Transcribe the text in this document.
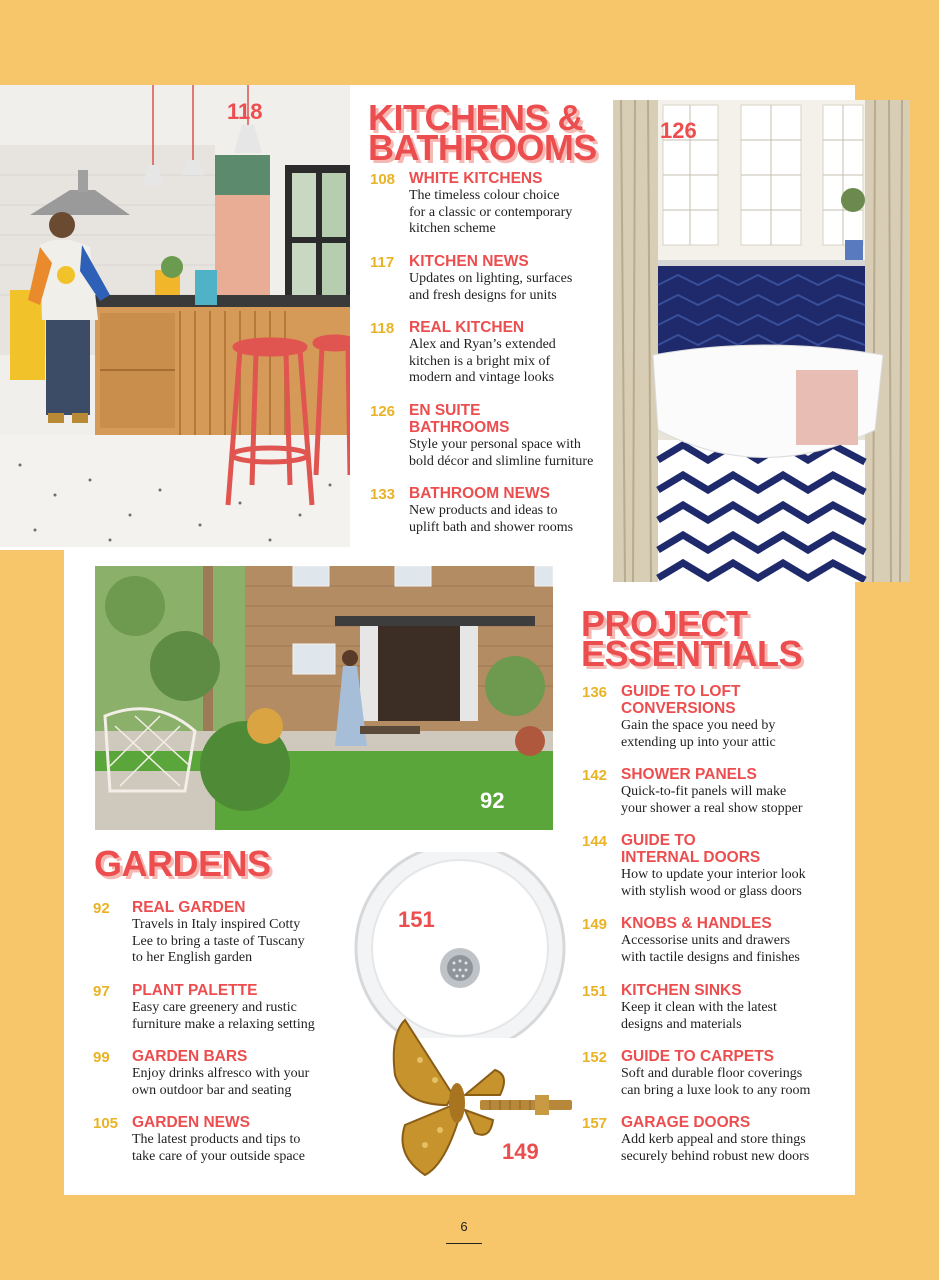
118
126
92
151
149
KITCHENS &
BATHROOMS
108 WHITE KITCHENS
The timeless colour choice
for a classic or contemporary
kitchen scheme
117 KITCHEN NEWS
Updates on lighting, surfaces
and fresh designs for units
118 REAL KITCHEN
Alex and Ryan’s extended
kitchen is a bright mix of
modern and vintage looks
126 EN SUITE
BATHROOMS
Style your personal space with
bold décor and slimline furniture
133 BATHROOM NEWS
New products and ideas to
uplift bath and shower rooms
GARDENS
92 REAL GARDEN
Travels in Italy inspired Cotty
Lee to bring a taste of Tuscany
to her English garden
97 PLANT PALETTE
Easy care greenery and rustic
furniture make a relaxing setting
99 GARDEN BARS
Enjoy drinks alfresco with your
own outdoor bar and seating
105 GARDEN NEWS
The latest products and tips to
take care of your outside space
PROJECT
ESSENTIALS
136 GUIDE TO LOFT
CONVERSIONS
Gain the space you need by
extending up into your attic
142 SHOWER PANELS
Quick-to-fit panels will make
your shower a real show stopper
144 GUIDE TO
INTERNAL DOORS
How to update your interior look
with stylish wood or glass doors
149 KNOBS & HANDLES
Accessorise units and drawers
with tactile designs and finishes
151 KITCHEN SINKS
Keep it clean with the latest
designs and materials
152 GUIDE TO CARPETS
Soft and durable floor coverings
can bring a luxe look to any room
157 GARAGE DOORS
Add kerb appeal and store things
securely behind robust new doors
6
